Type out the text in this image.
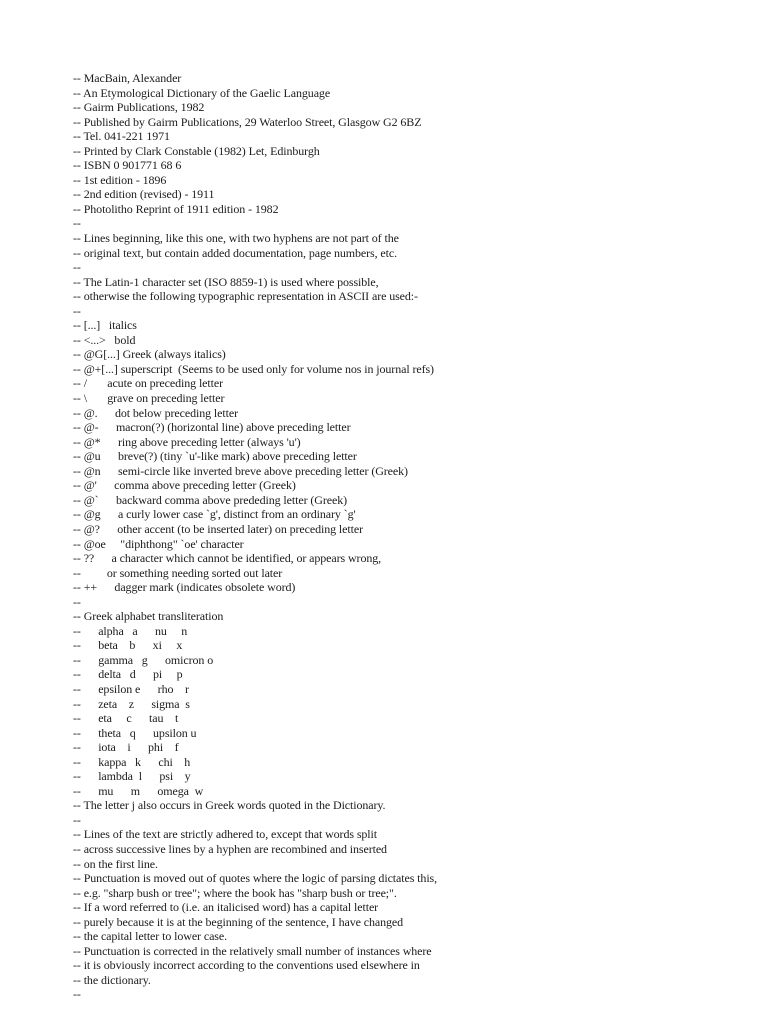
-- MacBain, Alexander
-- An Etymological Dictionary of the Gaelic Language
-- Gairm Publications, 1982
-- Published by Gairm Publications, 29 Waterloo Street, Glasgow G2 6BZ
-- Tel. 041-221 1971
-- Printed by Clark Constable (1982) Let, Edinburgh
-- ISBN 0 901771 68 6
-- 1st edition - 1896
-- 2nd edition (revised) - 1911
-- Photolitho Reprint of 1911 edition - 1982
--
-- Lines beginning, like this one, with two hyphens are not part of the
-- original text, but contain added documentation, page numbers, etc.
--
-- The Latin-1 character set (ISO 8859-1) is used where possible,
-- otherwise the following typographic representation in ASCII are used:-
--
-- [...]   italics
-- <...>   bold
-- @G[...] Greek (always italics)
-- @+[...] superscript  (Seems to be used only for volume nos in journal refs)
-- /       acute on preceding letter
-- \       grave on preceding letter
-- @.      dot below preceding letter
-- @-      macron(?) (horizontal line) above preceding letter
-- @*      ring above preceding letter (always 'u')
-- @u      breve(?) (tiny `u'-like mark) above preceding letter
-- @n      semi-circle like inverted breve above preceding letter (Greek)
-- @'      comma above preceding letter (Greek)
-- @`      backward comma above prededing letter (Greek)
-- @g      a curly lower case `g', distinct from an ordinary `g'
-- @?      other accent (to be inserted later) on preceding letter
-- @oe     "diphthong" `oe' character
-- ??      a character which cannot be identified, or appears wrong,
--         or something needing sorted out later
-- ++      dagger mark (indicates obsolete word)
--
-- Greek alphabet transliteration
--      alpha   a      nu     n
--      beta    b      xi     x
--      gamma   g      omicron o
--      delta   d      pi     p
--      epsilon e      rho    r
--      zeta    z      sigma  s
--      eta     c      tau    t
--      theta   q      upsilon u
--      iota    i      phi    f
--      kappa   k      chi    h
--      lambda  l      psi    y
--      mu      m      omega  w
-- The letter j also occurs in Greek words quoted in the Dictionary.
--
-- Lines of the text are strictly adhered to, except that words split
-- across successive lines by a hyphen are recombined and inserted
-- on the first line.
-- Punctuation is moved out of quotes where the logic of parsing dictates this,
-- e.g. "sharp bush or tree"; where the book has "sharp bush or tree;".
-- If a word referred to (i.e. an italicised word) has a capital letter
-- purely because it is at the beginning of the sentence, I have changed
-- the capital letter to lower case.
-- Punctuation is corrected in the relatively small number of instances where
-- it is obviously incorrect according to the conventions used elsewhere in
-- the dictionary.
--
